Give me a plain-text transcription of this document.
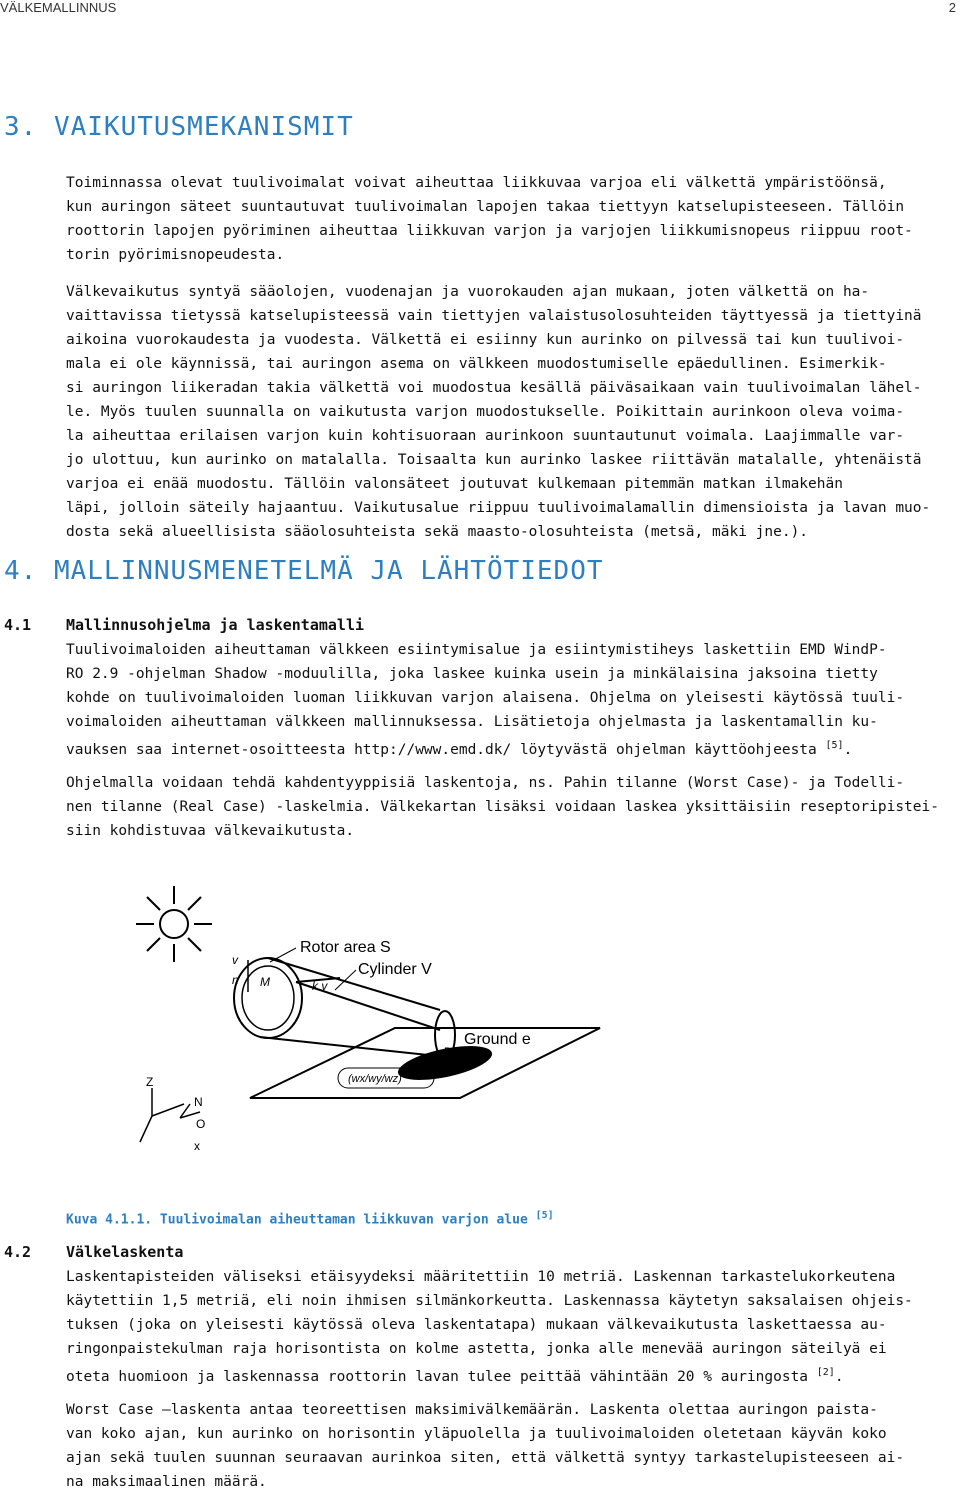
VÄLKEMALLINNUS	2
3. VAIKUTUSMEKANISMIT
Toiminnassa olevat tuulivoimalat voivat aiheuttaa liikkuvaa varjoa eli välkettä ympäristöönsä,
kun auringon säteet suuntautuvat tuulivoimalan lapojen takaa tiettyyn katselupisteeseen. Tällöin
roottorin lapojen pyöriminen aiheuttaa liikkuvan varjon ja varjojen liikkumisnopeus riippuu root-
torin pyörimisnopeudesta.
Välkevaikutus syntyä sääolojen, vuodenajan ja vuorokauden ajan mukaan, joten välkettä on ha-
vaittavissa tietyssä katselupisteessä vain tiettyjen valaistusolosuhteiden täyttyessä ja tiettyinä
aikoina vuorokaudesta ja vuodesta. Välkettä ei esiinny kun aurinko on pilvessä tai kun tuulivoi-
mala ei ole käynnissä, tai auringon asema on välkkeen muodostumiselle epäedullinen. Esimerkik-
si auringon liikeradan takia välkettä voi muodostua kesällä päiväsaikaan vain tuulivoimalan lähel-
le. Myös tuulen suunnalla on vaikutusta varjon muodostukselle. Poikittain aurinkoon oleva voima-
la aiheuttaa erilaisen varjon kuin kohtisuoraan aurinkoon suuntautunut voimala. Laajimmalle var-
jo ulottuu, kun aurinko on matalalla. Toisaalta kun aurinko laskee riittävän matalalle, yhtenäistä
varjoa ei enää muodostu. Tällöin valonsäteet joutuvat kulkemaan pitemmän matkan ilmakehän
läpi, jolloin säteily hajaantuu. Vaikutusalue riippuu tuulivoimalamallin dimensioista ja lavan muo-
dosta sekä alueellisista sääolosuhteista sekä maasto-olosuhteista (metsä, mäki jne.).
4. MALLINNUSMENETELMÄ JA LÄHTÖTIEDOT
4.1 Mallinnusohjelma ja laskentamalli
Tuulivoimaloiden aiheuttaman välkkeen esiintymisalue ja esiintymistiheys laskettiin EMD WindP-
RO 2.9 -ohjelman Shadow -moduulilla, joka laskee kuinka usein ja minkälaisina jaksoina tietty
kohde on tuulivoimaloiden luoman liikkuvan varjon alaisena. Ohjelma on yleisesti käytössä tuuli-
voimaloiden aiheuttaman välkkeen mallinnuksessa. Lisätietoja ohjelmasta ja laskentamallin ku-
vauksen saa internet-osoitteesta http://www.emd.dk/ löytyvästä ohjelman käyttöohjeesta [5].
Ohjelmalla voidaan tehdä kahdentyyppisiä laskentoja, ns. Pahin tilanne (Worst Case)- ja Todelli-
nen tilanne (Real Case) -laskelmia. Välkekartan lisäksi voidaan laskea yksittäisiin reseptoripistei-
siin kohdistuvaa välkevaikutusta.
Rotor area S
Cylinder V
Ground e
v
n M	k v
B
(wx/wy/wz)
Z
N
O
x
Kuva 4.1.1. Tuulivoimalan aiheuttaman liikkuvan varjon alue [5]
4.2 Välkelaskenta
Laskentapisteiden väliseksi etäisyydeksi määritettiin 10 metriä. Laskennan tarkastelukorkeutena
käytettiin 1,5 metriä, eli noin ihmisen silmänkorkeutta. Laskennassa käytetyn saksalaisen ohjeis-
tuksen (joka on yleisesti käytössä oleva laskentatapa) mukaan välkevaikutusta laskettaessa au-
ringonpaistekulman raja horisontista on kolme astetta, jonka alle menevää auringon säteilyä ei
oteta huomioon ja laskennassa roottorin lavan tulee peittää vähintään 20 % auringosta [2].
Worst Case –laskenta antaa teoreettisen maksimivälkemäärän. Laskenta olettaa auringon paista-
van koko ajan, kun aurinko on horisontin yläpuolella ja tuulivoimaloiden oletetaan käyvän koko
ajan sekä tuulen suunnan seuraavan aurinkoa siten, että välkettä syntyy tarkastelupisteeseen ai-
na maksimaalinen määrä.
